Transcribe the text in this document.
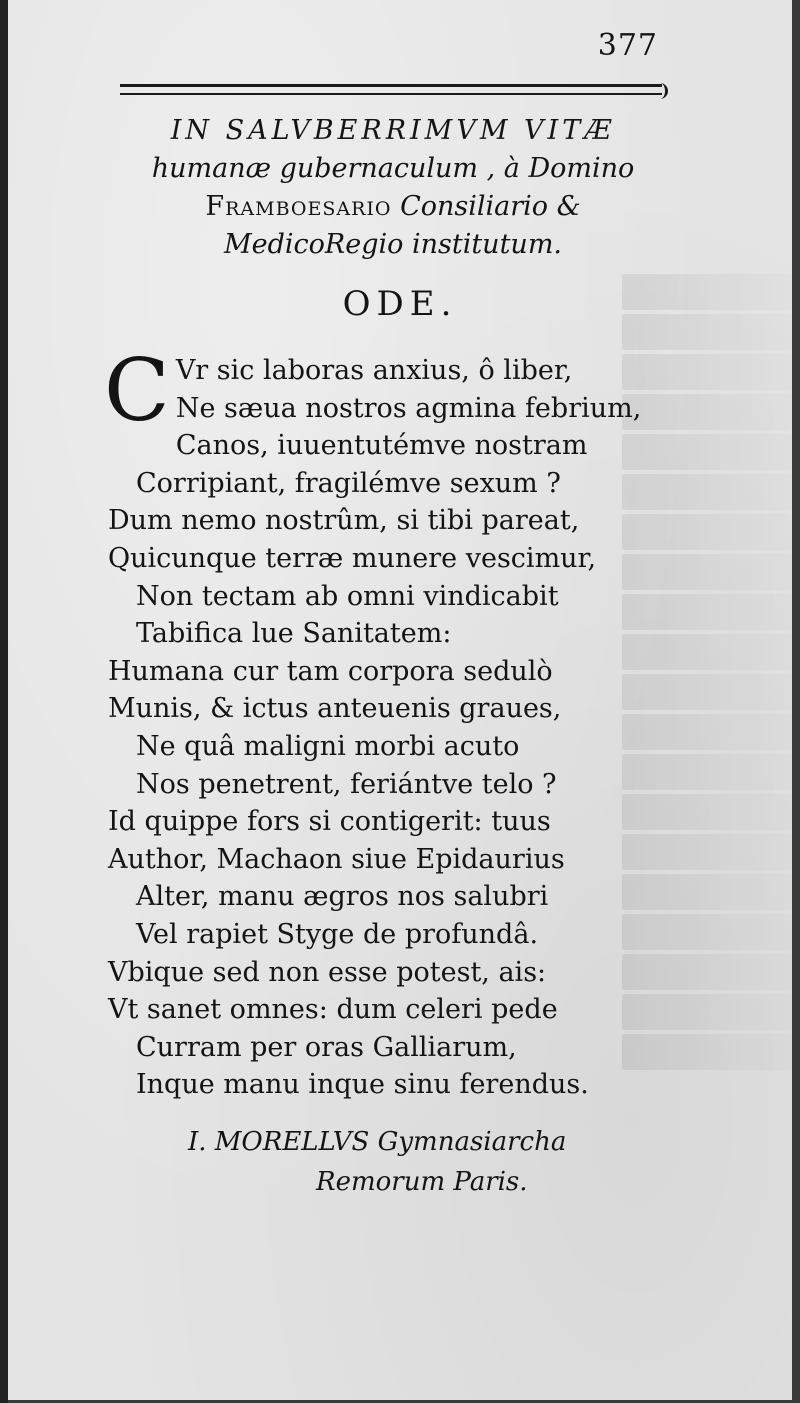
377
IN SALVBERRIMVM VITÆ
humanæ gubernaculum , à Domino
Framboesario Consiliario &
MedicoRegio institutum.
ODE.
C Vr sic laboras anxius, ô liber,
Ne sæua nostros agmina febrium,
Canos, iuuentutémve nostram
Corripiant, fragilémve sexum ?
Dum nemo nostrûm, si tibi pareat,
Quicunque terræ munere vescimur,
Non tectam ab omni vindicabit
Tabifica lue Sanitatem:
Humana cur tam corpora sedulò
Munis, & ictus anteuenis graues,
Ne quâ maligni morbi acuto
Nos penetrent, feriántve telo ?
Id quippe fors si contigerit: tuus
Author, Machaon siue Epidaurius
Alter, manu ægros nos salubri
Vel rapiet Styge de profundâ.
Vbique sed non esse potest, ais:
Vt sanet omnes: dum celeri pede
Curram per oras Galliarum,
Inque manu inque sinu ferendus.
I. MORELLVS Gymnasiarcha
Remorum Paris.
